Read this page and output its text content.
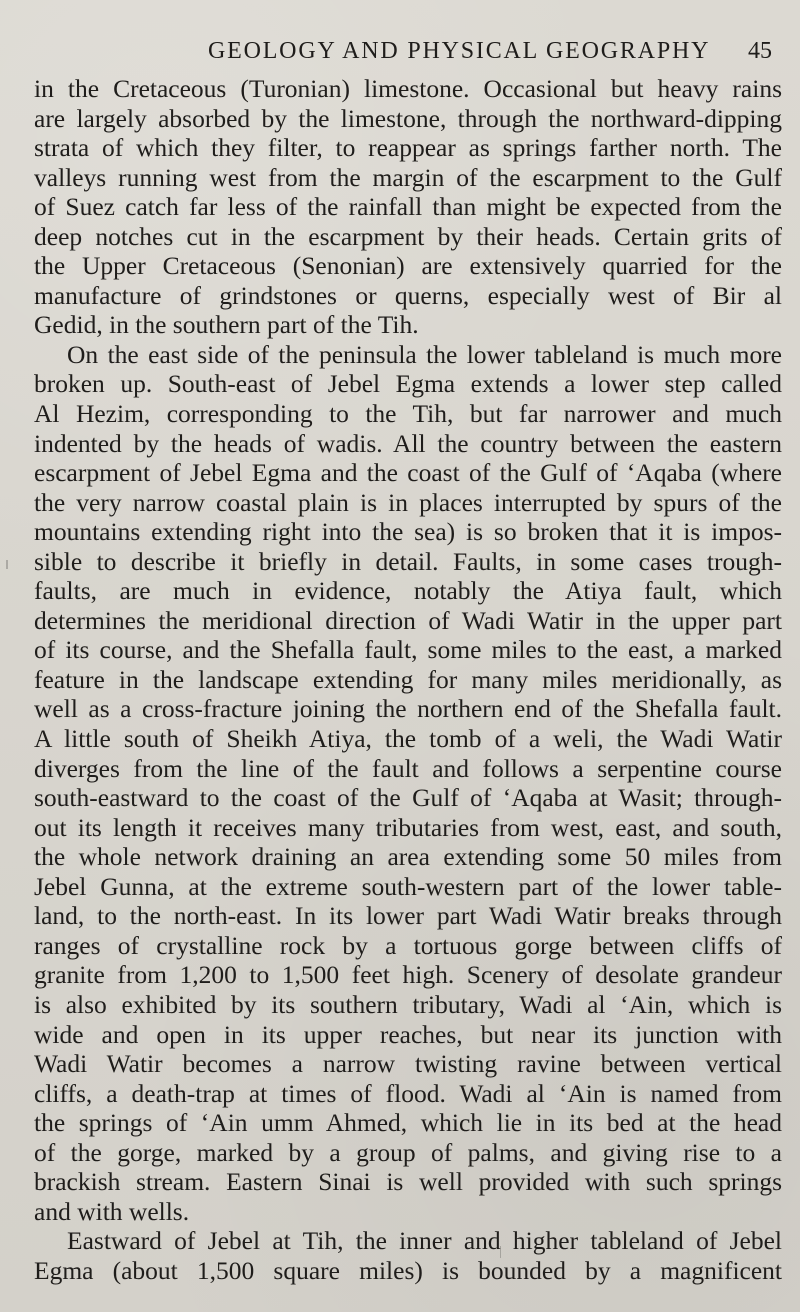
GEOLOGY AND PHYSICAL GEOGRAPHY 45
in the Cretaceous (Turonian) limestone. Occasional but heavy rains
are largely absorbed by the limestone, through the northward-dipping
strata of which they filter, to reappear as springs farther north. The
valleys running west from the margin of the escarpment to the Gulf
of Suez catch far less of the rainfall than might be expected from the
deep notches cut in the escarpment by their heads. Certain grits of
the Upper Cretaceous (Senonian) are extensively quarried for the
manufacture of grindstones or querns, especially west of Bir al
Gedid, in the southern part of the Tih.
On the east side of the peninsula the lower tableland is much more
broken up. South-east of Jebel Egma extends a lower step called
Al Hezim, corresponding to the Tih, but far narrower and much
indented by the heads of wadis. All the country between the eastern
escarpment of Jebel Egma and the coast of the Gulf of ‘Aqaba (where
the very narrow coastal plain is in places interrupted by spurs of the
mountains extending right into the sea) is so broken that it is impos-
sible to describe it briefly in detail. Faults, in some cases trough-
faults, are much in evidence, notably the Atiya fault, which
determines the meridional direction of Wadi Watir in the upper part
of its course, and the Shefalla fault, some miles to the east, a marked
feature in the landscape extending for many miles meridionally, as
well as a cross-fracture joining the northern end of the Shefalla fault.
A little south of Sheikh Atiya, the tomb of a weli, the Wadi Watir
diverges from the line of the fault and follows a serpentine course
south-eastward to the coast of the Gulf of ‘Aqaba at Wasit; through-
out its length it receives many tributaries from west, east, and south,
the whole network draining an area extending some 50 miles from
Jebel Gunna, at the extreme south-western part of the lower table-
land, to the north-east. In its lower part Wadi Watir breaks through
ranges of crystalline rock by a tortuous gorge between cliffs of
granite from 1,200 to 1,500 feet high. Scenery of desolate grandeur
is also exhibited by its southern tributary, Wadi al ‘Ain, which is
wide and open in its upper reaches, but near its junction with
Wadi Watir becomes a narrow twisting ravine between vertical
cliffs, a death-trap at times of flood. Wadi al ‘Ain is named from
the springs of ‘Ain umm Ahmed, which lie in its bed at the head
of the gorge, marked by a group of palms, and giving rise to a
brackish stream. Eastern Sinai is well provided with such springs
and with wells.
Eastward of Jebel at Tih, the inner and higher tableland of Jebel
Egma (about 1,500 square miles) is bounded by a magnificent
